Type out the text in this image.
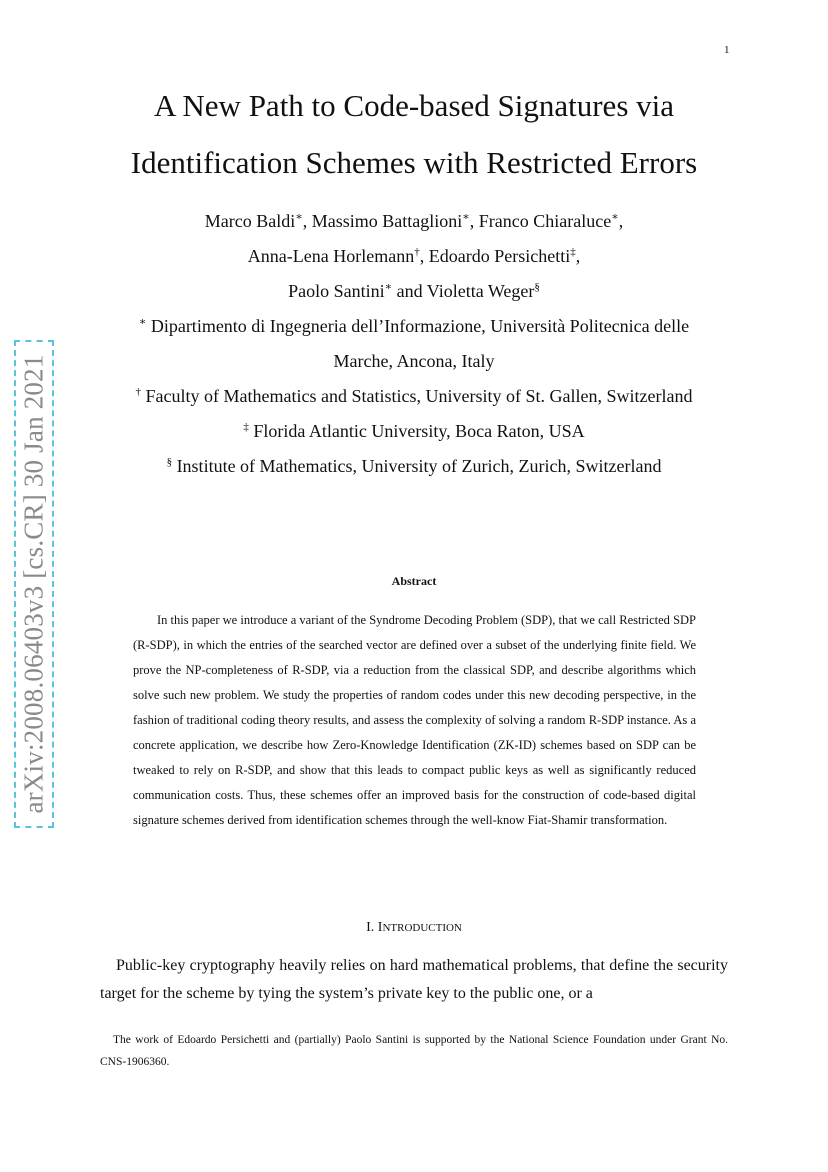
1
arXiv:2008.06403v3 [cs.CR] 30 Jan 2021
A New Path to Code-based Signatures via
Identification Schemes with Restricted Errors
Marco Baldi∗, Massimo Battaglioni∗, Franco Chiaraluce∗,
Anna-Lena Horlemann†, Edoardo Persichetti‡,
Paolo Santini∗ and Violetta Weger§
∗ Dipartimento di Ingegneria dell’Informazione, Università Politecnica delle
Marche, Ancona, Italy
† Faculty of Mathematics and Statistics, University of St. Gallen, Switzerland
‡ Florida Atlantic University, Boca Raton, USA
§ Institute of Mathematics, University of Zurich, Zurich, Switzerland
Abstract
In this paper we introduce a variant of the Syndrome Decoding Problem (SDP), that we call Restricted SDP (R-SDP), in which the entries of the searched vector are defined over a subset of the underlying finite field. We prove the NP-completeness of R-SDP, via a reduction from the classical SDP, and describe algorithms which solve such new problem. We study the properties of random codes under this new decoding perspective, in the fashion of traditional coding theory results, and assess the complexity of solving a random R-SDP instance. As a concrete application, we describe how Zero-Knowledge Identification (ZK-ID) schemes based on SDP can be tweaked to rely on R-SDP, and show that this leads to compact public keys as well as significantly reduced communication costs. Thus, these schemes offer an improved basis for the construction of code-based digital signature schemes derived from identification schemes through the well-know Fiat-Shamir transformation.
I. INTRODUCTION
Public-key cryptography heavily relies on hard mathematical problems, that define the security target for the scheme by tying the system’s private key to the public one, or a
The work of Edoardo Persichetti and (partially) Paolo Santini is supported by the National Science Foundation under Grant No. CNS-1906360.
